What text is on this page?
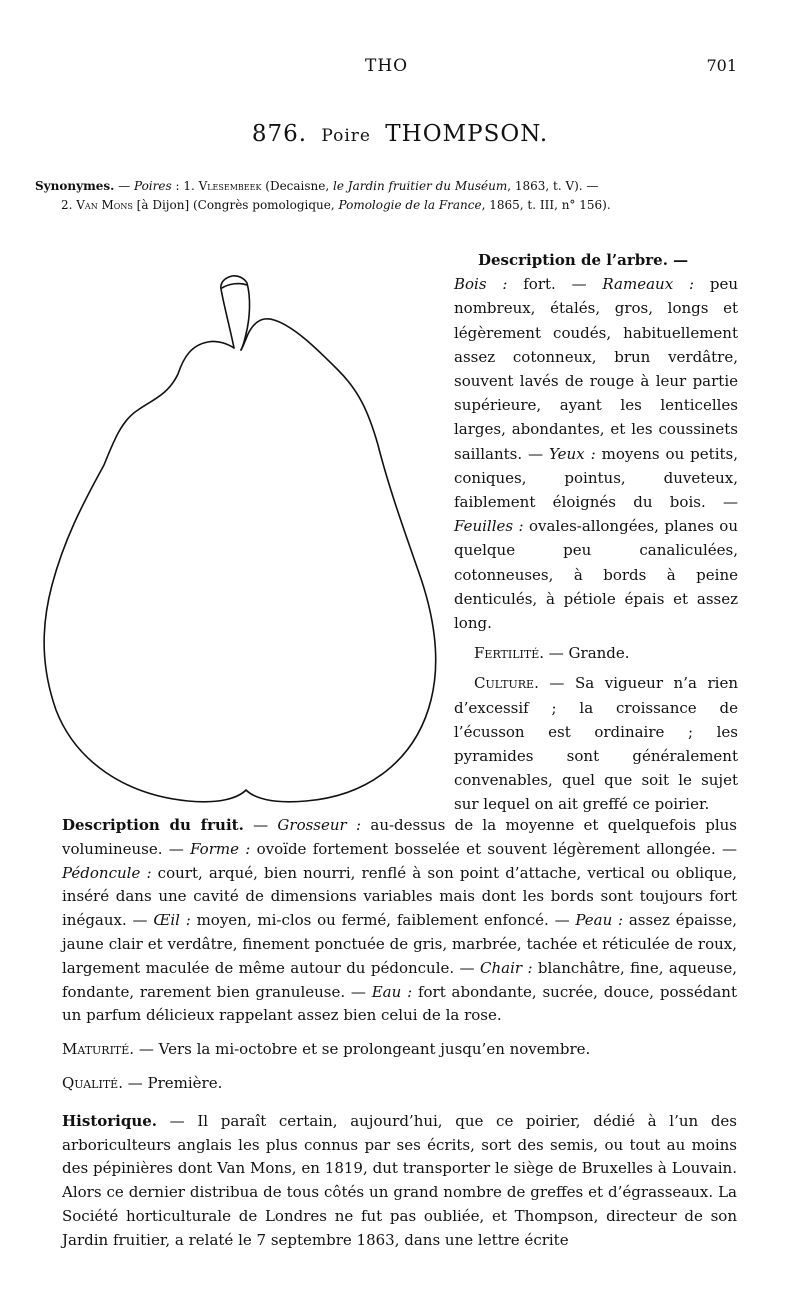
THO	701
876. Poire THOMPSON.
Synonymes. — Poires : 1. Vlesembeek (Decaisne, le Jardin fruitier du Muséum, 1863, t. V). —
2. Van Mons [à Dijon] (Congrès pomologique, Pomologie de la France, 1865, t. III, n° 156).

Description de l’arbre. —

Bois : fort. — Rameaux : peu nombreux, étalés, gros, longs et légèrement coudés, habituellement assez cotonneux, brun verdâtre, souvent lavés de rouge à leur partie supérieure, ayant les lenticelles larges, abondantes, et les coussinets saillants. — Yeux : moyens ou petits, coniques, pointus, duveteux, faiblement éloignés du bois. — Feuilles : ovales-allongées, planes ou quelque peu canaliculées, cotonneuses, à bords à peine denticulés, à pétiole épais et assez long.

Fertilité. — Grande.

Culture. — Sa vigueur n’a rien d’excessif ; la croissance de l’écusson est ordinaire ; les pyramides sont généralement convenables, quel que soit le sujet sur lequel on ait greffé ce poirier.

Description du fruit. — Grosseur : au-dessus de la moyenne et quelquefois plus volumineuse. — Forme : ovoïde fortement bosselée et souvent légèrement allongée. — Pédoncule : court, arqué, bien nourri, renflé à son point d’attache, vertical ou oblique, inséré dans une cavité de dimensions variables mais dont les bords sont toujours fort inégaux. — Œil : moyen, mi-clos ou fermé, faiblement enfoncé. — Peau : assez épaisse, jaune clair et verdâtre, finement ponctuée de gris, marbrée, tachée et réticulée de roux, largement maculée de même autour du pédoncule. — Chair : blanchâtre, fine, aqueuse, fondante, rarement bien granuleuse. — Eau : fort abondante, sucrée, douce, possédant un parfum délicieux rappelant assez bien celui de la rose.

Maturité. — Vers la mi-octobre et se prolongeant jusqu’en novembre.

Qualité. — Première.

Historique. — Il paraît certain, aujourd’hui, que ce poirier, dédié à l’un des arboriculteurs anglais les plus connus par ses écrits, sort des semis, ou tout au moins des pépinières dont Van Mons, en 1819, dut transporter le siège de Bruxelles à Louvain. Alors ce dernier distribua de tous côtés un grand nombre de greffes et d’égrasseaux. La Société horticulturale de Londres ne fut pas oubliée, et Thompson, directeur de son Jardin fruitier, a relaté le 7 septembre 1863, dans une lettre écrite
